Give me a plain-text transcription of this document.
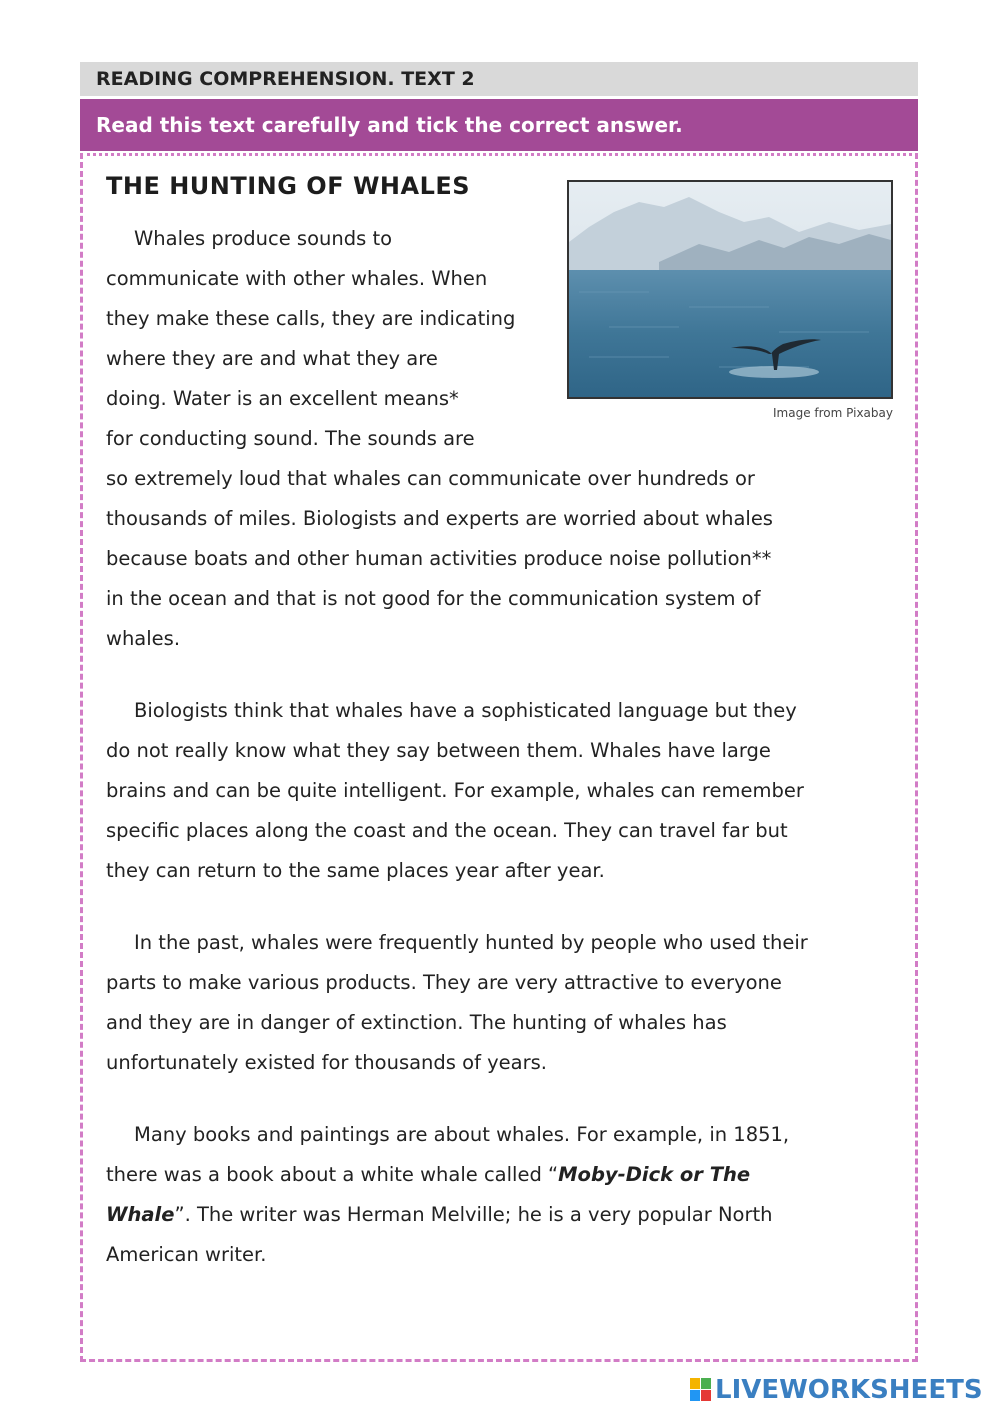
READING COMPREHENSION. TEXT 2
Read this text carefully and tick the correct answer.
THE HUNTING OF WHALES
Image from Pixabay

Whales produce sounds to
communicate with other whales. When
they make these calls, they are indicating
where they are and what they are
doing. Water is an excellent means*
for conducting sound. The sounds are
so extremely loud that whales can communicate over hundreds or
thousands of miles. Biologists and experts are worried about whales
because boats and other human activities produce noise pollution**
in the ocean and that is not good for the communication system of
whales.

Biologists think that whales have a sophisticated language but they
do not really know what they say between them. Whales have large
brains and can be quite intelligent. For example, whales can remember
specific places along the coast and the ocean. They can travel far but
they can return to the same places year after year.

In the past, whales were frequently hunted by people who used their
parts to make various products. They are very attractive to everyone
and they are in danger of extinction. The hunting of whales has
unfortunately existed for thousands of years.

Many books and paintings are about whales. For example, in 1851,
there was a book about a white whale called “Moby-Dick or The
Whale”. The writer was Herman Melville; he is a very popular North
American writer.

LIVEWORKSHEETS
